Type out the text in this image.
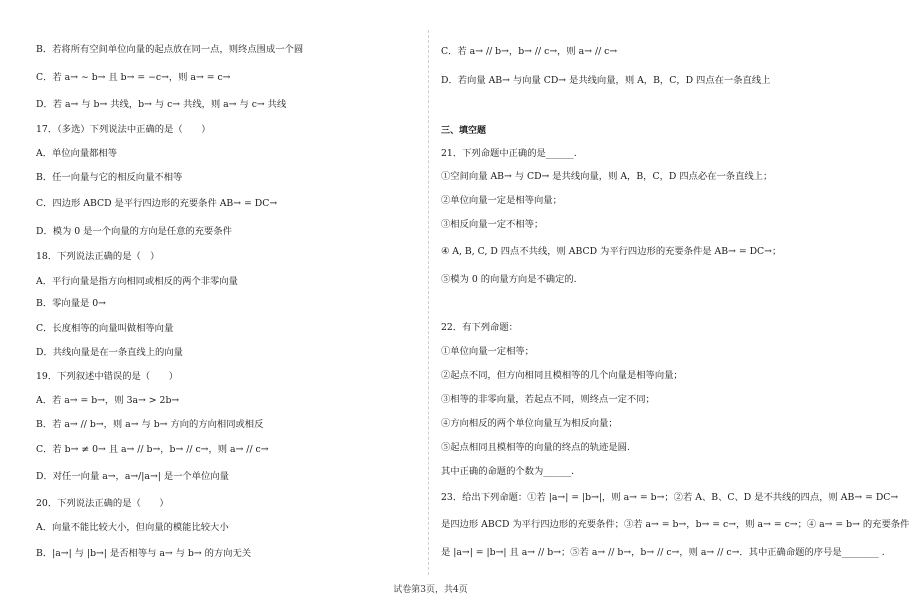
B．若将所有空间单位向量的起点放在同一点，则终点围成一个圆
C．若 a→ ∼ b→ 且 b→ = −c→，则 a→ = c→
D．若 a→ 与 b→ 共线，b→ 与 c→ 共线，则 a→ 与 c→ 共线
17．（多选）下列说法中正确的是（　　）
A．单位向量都相等
B．任一向量与它的相反向量不相等
C．四边形 ABCD 是平行四边形的充要条件 AB→ = DC→
D．模为 0 是一个向量的方向是任意的充要条件
18．下列说法正确的是（　）
A．平行向量是指方向相同或相反的两个非零向量
B．零向量是 0→
C．长度相等的向量叫做相等向量
D．共线向量是在一条直线上的向量
19．下列叙述中错误的是（　　）
A．若 a→ = b→，则 3a→ > 2b→
B．若 a→ // b→，则 a→ 与 b→ 方向的方向相同或相反
C．若 b→ ≠ 0→ 且 a→ // b→，b→ // c→，则 a→ // c→
D．对任一向量 a→，a→/|a→| 是一个单位向量
20．下列说法正确的是（　　）
A．向量不能比较大小，但向量的模能比较大小
B．|a→| 与 |b→| 是否相等与 a→ 与 b→ 的方向无关
C．若 a→ // b→，b→ // c→，则 a→ // c→
D．若向量 AB→ 与向量 CD→ 是共线向量，则 A，B，C，D 四点在一条直线上
三、填空题
21．下列命题中正确的是______.
①空间向量 AB→ 与 CD→ 是共线向量，则 A，B，C，D 四点必在一条直线上；
②单位向量一定是相等向量；
③相反向量一定不相等；
④ A, B, C, D 四点不共线，则 ABCD 为平行四边形的充要条件是 AB→ = DC→；
⑤模为 0 的向量方向是不确定的.
22．有下列命题：
①单位向量一定相等；
②起点不同，但方向相同且模相等的几个向量是相等向量；
③相等的非零向量，若起点不同，则终点一定不同；
④方向相反的两个单位向量互为相反向量；
⑤起点相同且模相等的向量的终点的轨迹是圆.
其中正确的命题的个数为______.
23．给出下列命题：①若 |a→| = |b→|，则 a→ = b→；②若 A、B、C、D 是不共线的四点，则 AB→ = DC→
是四边形 ABCD 为平行四边形的充要条件；③若 a→ = b→，b→ = c→，则 a→ = c→；④ a→ = b→ 的充要条件
是 |a→| = |b→| 且 a→ // b→；⑤若 a→ // b→，b→ // c→，则 a→ // c→．其中正确命题的序号是________ .
试卷第3页，共4页
